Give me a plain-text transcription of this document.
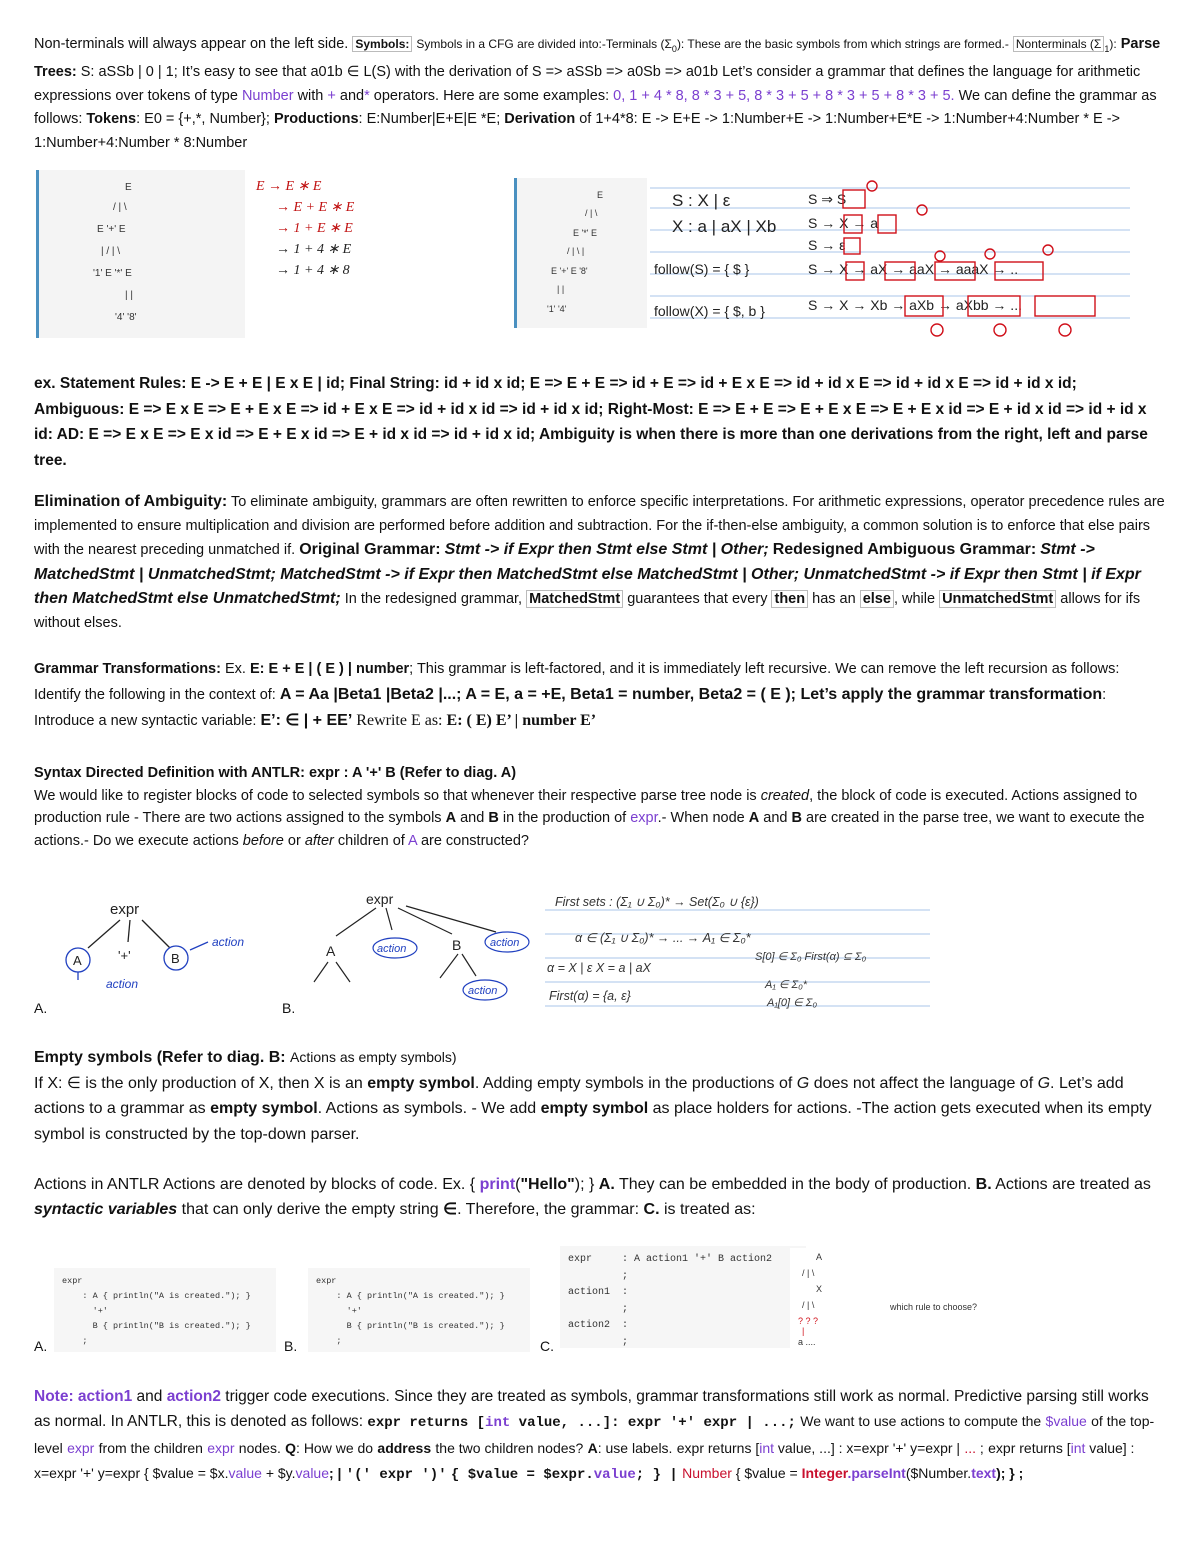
Non-terminals will always appear on the left side. Symbols: Symbols in a CFG are divided into:-Terminals $(\Sigma_0)$: These are the basic symbols from which strings are formed.- Nonterminals (Σ $_1$): Parse Trees: S: aSSb | 0 | 1; It’s easy to see that a01b ∈ L(S) with the derivation of S => aSSb => a0Sb => a01b Let’s consider a grammar that defines the language for arithmetic expressions over tokens of type Number with + and* operators. Here are some examples: 0, 1 + 4 * 8, 8 * 3 + 5, 8 * 3 + 5 + 8 * 3 + 5 + 8 * 3 + 5. We can define the grammar as follows: Tokens: E0 = {+,*, Number}; Productions: E:Number|E+E|E *E; Derivation of 1+4*8: E -> E+E -> 1:Number+E -> 1:Number+E*E -> 1:Number+4:Number * E -> 1:Number+4:Number * 8:Number
E
/ | \
E '+' E
| / | \
'1' E '*' E
| |
'4' '8'
E → E ∗ E
→ E + E ∗ E
→ 1 + E ∗ E
→ 1 + 4 ∗ E
→ 1 + 4 ∗ 8
E
/ | \
E '*' E
/ | \ |
E '+' E '8'
| |
'1' '4'
S : X | ε
X : a | aX | Xb
follow(S) = { $ }
follow(X) = { $, b }
S ⇒ S
S → X → a
S → ε
S → X → aX → aaX → aaaX → ..
S → X → Xb → aXb → aXbb → ...
ex. Statement Rules: E -> E + E | E x E | id; Final String: id + id x id; E => E + E => id + E => id + E x E => id + id x E => id + id x E => id + id x id; Ambiguous: E => E x E => E + E x E => id + E x E => id + id x id => id + id x id; Right-Most: E => E + E => E + E x E => E + E x id => E + id x id => id + id x id: AD: E => E x E => E x id => E + E x id => E + id x id => id + id x id; Ambiguity is when there is more than one derivations from the right, left and parse tree.
Elimination of Ambiguity: To eliminate ambiguity, grammars are often rewritten to enforce specific interpretations. For arithmetic expressions, operator precedence rules are implemented to ensure multiplication and division are performed before addition and subtraction. For the if-then-else ambiguity, a common solution is to enforce that else pairs with the nearest preceding unmatched if. Original Grammar: Stmt -> if Expr then Stmt else Stmt | Other; Redesigned Ambiguous Grammar: Stmt -> MatchedStmt | UnmatchedStmt; MatchedStmt -> if Expr then MatchedStmt else MatchedStmt | Other; UnmatchedStmt -> if Expr then Stmt | if Expr then MatchedStmt else UnmatchedStmt; In the redesigned grammar, MatchedStmt guarantees that every then has an else , while UnmatchedStmt allows for ifs without elses.
Grammar Transformations: Ex. E: E + E | ( E ) | number; This grammar is left-factored, and it is immediately left recursive. We can remove the left recursion as follows: Identify the following in the context of: A = Aa |Beta1 |Beta2 |...; A = E, a = +E, Beta1 = number, Beta2 = ( E ); Let’s apply the grammar transformation: Introduce a new syntactic variable: E’: ∈ | + EE’ Rewrite E as: E: ( E) E’ | number E’
Syntax Directed Definition with ANTLR: expr : A '+' B (Refer to diag. A)
We would like to register blocks of code to selected symbols so that whenever their respective parse tree node is created, the block of code is executed. Actions assigned to production rule - There are two actions assigned to the symbols A and B in the production of expr.- When node A and B are created in the parse tree, we want to execute the actions.- Do we execute actions before or after children of A are constructed?
expr
A	'+'	B
action
action
A.
expr
A	action	B	action
action
B.
First sets : (Σ₁ ∪ Σ₀)* → Set(Σ₀ ∪ {ε})
α ∈ (Σ₁ ∪ Σ₀)* → ... → A₁ ∈ Σ₀*
S[0] ∈ Σ₀ First(α) ⊆ Σ₀
α = X | ε X = a | aX
First(α) = {a, ε}
A₁ ∈ Σ₀*
A₁[0] ∈ Σ₀
Empty symbols (Refer to diag. B: Actions as empty symbols)
If X: ∈ is the only production of X, then X is an empty symbol. Adding empty symbols in the productions of G does not affect the language of G. Let’s add actions to a grammar as empty symbol. Actions as symbols. - We add empty symbol as place holders for actions. -The action gets executed when its empty symbol is constructed by the top-down parser.
Actions in ANTLR Actions are denoted by blocks of code. Ex. { print("Hello"); } A. They can be embedded in the body of production. B. Actions are treated as syntactic variables that can only derive the empty string ∈. Therefore, the grammar: C. is treated as:
expr
: A { println("A is created."); }
'+'
B { println("B is created."); }
;
A.
expr
: A { println("A is created."); }
'+'
B { println("B is created."); }
;
B.
expr     : A action1 '+' B action2
;
action1  :
;
action2  :
;
C.
A
/ | \
X
/ | \
? ? ?
|
a ....
which rule to choose?
Note: action1 and action2 trigger code executions. Since they are treated as symbols, grammar transformations still work as normal. Predictive parsing still works as normal. In ANTLR, this is denoted as follows: expr returns [int value, ...]: expr '+' expr | ...; We want to use actions to compute the $value of the top-level expr from the children expr nodes. Q: How we do address the two children nodes? A: use labels. expr returns [int value, ...] : x=expr '+' y=expr | ... ; expr returns [int value] : x=expr '+' y=expr { $value = $x.value + $y.value; | '(' expr ')' { $value = $expr.value; } | Number { $value = Integer.parseInt($Number.text); } ;
